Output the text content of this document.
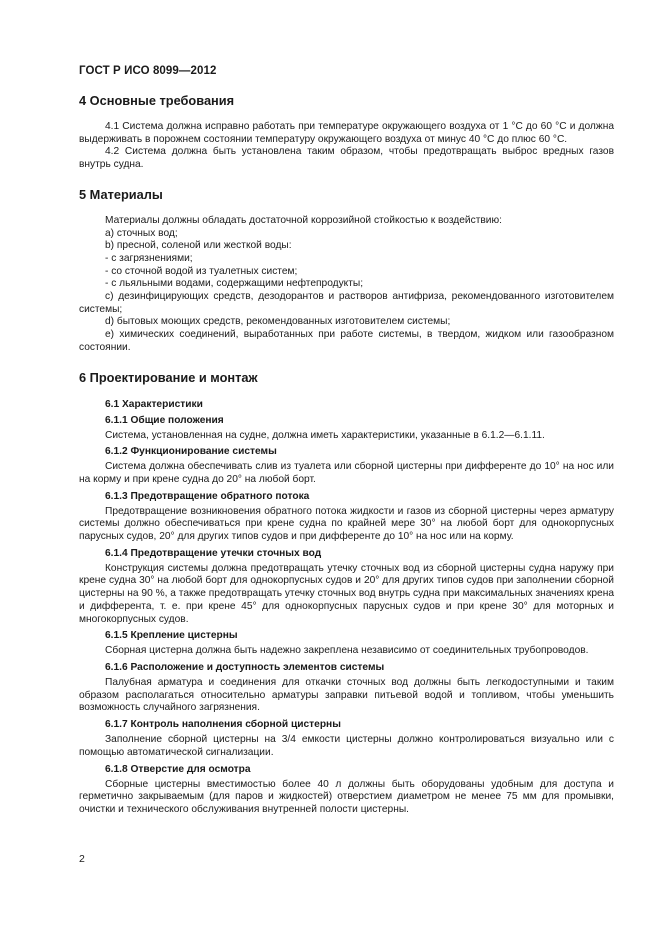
ГОСТ Р ИСО 8099—2012

4 Основные требования

4.1 Система должна исправно работать при температуре окружающего воздуха от 1 °С до 60 °С и должна выдерживать в порожнем состоянии температуру окружающего воздуха от минус 40 °С до плюс 60 °С.

4.2 Система должна быть установлена таким образом, чтобы предотвращать выброс вредных газов внутрь судна.

5 Материалы

Материалы должны обладать достаточной коррозийной стойкостью к воздействию:

а) сточных вод;

b) пресной, соленой или жесткой воды:

- с загрязнениями;

- со сточной водой из туалетных систем;

- с льяльными водами, содержащими нефтепродукты;

c) дезинфицирующих средств, дезодорантов и растворов антифриза, рекомендованного изготовителем системы;

d) бытовых моющих средств, рекомендованных изготовителем системы;

е) химических соединений, выработанных при работе системы, в твердом, жидком или газообразном состоянии.

6 Проектирование и монтаж

6.1 Характеристики

6.1.1 Общие положения

Система, установленная на судне, должна иметь характеристики, указанные в 6.1.2—6.1.11.

6.1.2 Функционирование системы

Система должна обеспечивать слив из туалета или сборной цистерны при дифференте до 10° на нос или на корму и при крене судна до 20° на любой борт.

6.1.3 Предотвращение обратного потока

Предотвращение возникновения обратного потока жидкости и газов из сборной цистерны через арматуру системы должно обеспечиваться при крене судна по крайней мере 30° на любой борт для однокорпусных парусных судов, 20° для других типов судов и при дифференте до 10° на нос или на корму.

6.1.4 Предотвращение утечки сточных вод

Конструкция системы должна предотвращать утечку сточных вод из сборной цистерны судна наружу при крене судна 30° на любой борт для однокорпусных судов и 20° для других типов судов при заполнении сборной цистерны на 90 %, а также предотвращать утечку сточных вод внутрь судна при максимальных значениях крена и дифферента, т. е. при крене 45° для однокорпусных парусных судов и при крене 30° для моторных и многокорпусных судов.

6.1.5 Крепление цистерны

Сборная цистерна должна быть надежно закреплена независимо от соединительных трубопроводов.

6.1.6 Расположение и доступность элементов системы

Палубная арматура и соединения для откачки сточных вод должны быть легкодоступными и таким образом располагаться относительно арматуры заправки питьевой водой и топливом, чтобы уменьшить возможность случайного загрязнения.

6.1.7 Контроль наполнения сборной цистерны

Заполнение сборной цистерны на 3/4 емкости цистерны должно контролироваться визуально или с помощью автоматической сигнализации.

6.1.8 Отверстие для осмотра

Сборные цистерны вместимостью более 40 л должны быть оборудованы удобным для доступа и герметично закрываемым (для паров и жидкостей) отверстием диаметром не менее 75 мм для промывки, очистки и технического обслуживания внутренней полости цистерны.

2
